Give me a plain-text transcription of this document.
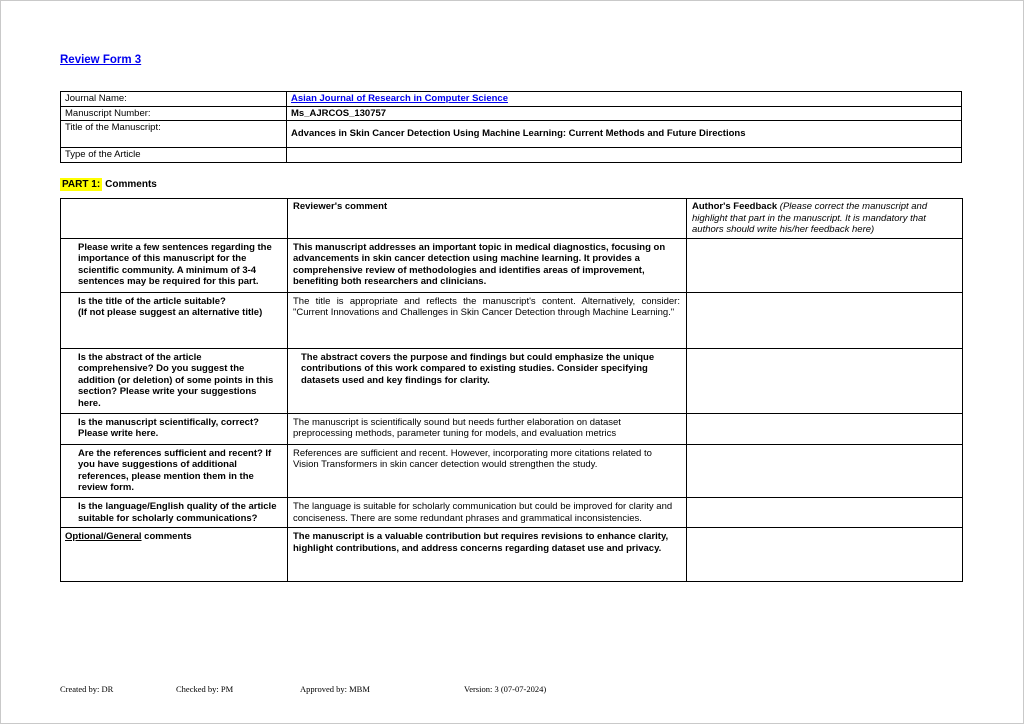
Review Form 3
Journal Name:	Asian Journal of Research in Computer Science
Manuscript Number:	Ms_AJRCOS_130757
Title of the Manuscript:	Advances in Skin Cancer Detection Using Machine Learning: Current Methods and Future Directions
Type of the Article	
PART 1: Comments
	Reviewer's comment	Author's Feedback (Please correct the manuscript and highlight that part in the manuscript. It is mandatory that authors should write his/her feedback here)
Please write a few sentences regarding the importance of this manuscript for the scientific community. A minimum of 3-4 sentences may be required for this part.	This manuscript addresses an important topic in medical diagnostics, focusing on advancements in skin cancer detection using machine learning. It provides a comprehensive review of methodologies and identifies areas of improvement, benefiting both researchers and clinicians.	

Is the title of the article suitable?
(If not please suggest an alternative title)	The title is appropriate and reflects the manuscript's content. Alternatively, consider: "Current Innovations and Challenges in Skin Cancer Detection through Machine Learning."	
Is the abstract of the article comprehensive? Do you suggest the addition (or deletion) of some points in this section? Please write your suggestions here.	The abstract covers the purpose and findings but could emphasize the unique contributions of this work compared to existing studies. Consider specifying datasets used and key findings for clarity.	
Is the manuscript scientifically, correct? Please write here.	The manuscript is scientifically sound but needs further elaboration on dataset preprocessing methods, parameter tuning for models, and evaluation metrics	
Are the references sufficient and recent? If you have suggestions of additional references, please mention them in the review form.	References are sufficient and recent. However, incorporating more citations related to Vision Transformers in skin cancer detection would strengthen the study.	
Is the language/English quality of the article suitable for scholarly communications?	The language is suitable for scholarly communication but could be improved for clarity and conciseness. There are some redundant phrases and grammatical inconsistencies.	
Optional/General comments	The manuscript is a valuable contribution but requires revisions to enhance clarity, highlight contributions, and address concerns regarding dataset use and privacy.	
Created by: DR	Checked by: PM	Approved by: MBM	Version: 3 (07-07-2024)
